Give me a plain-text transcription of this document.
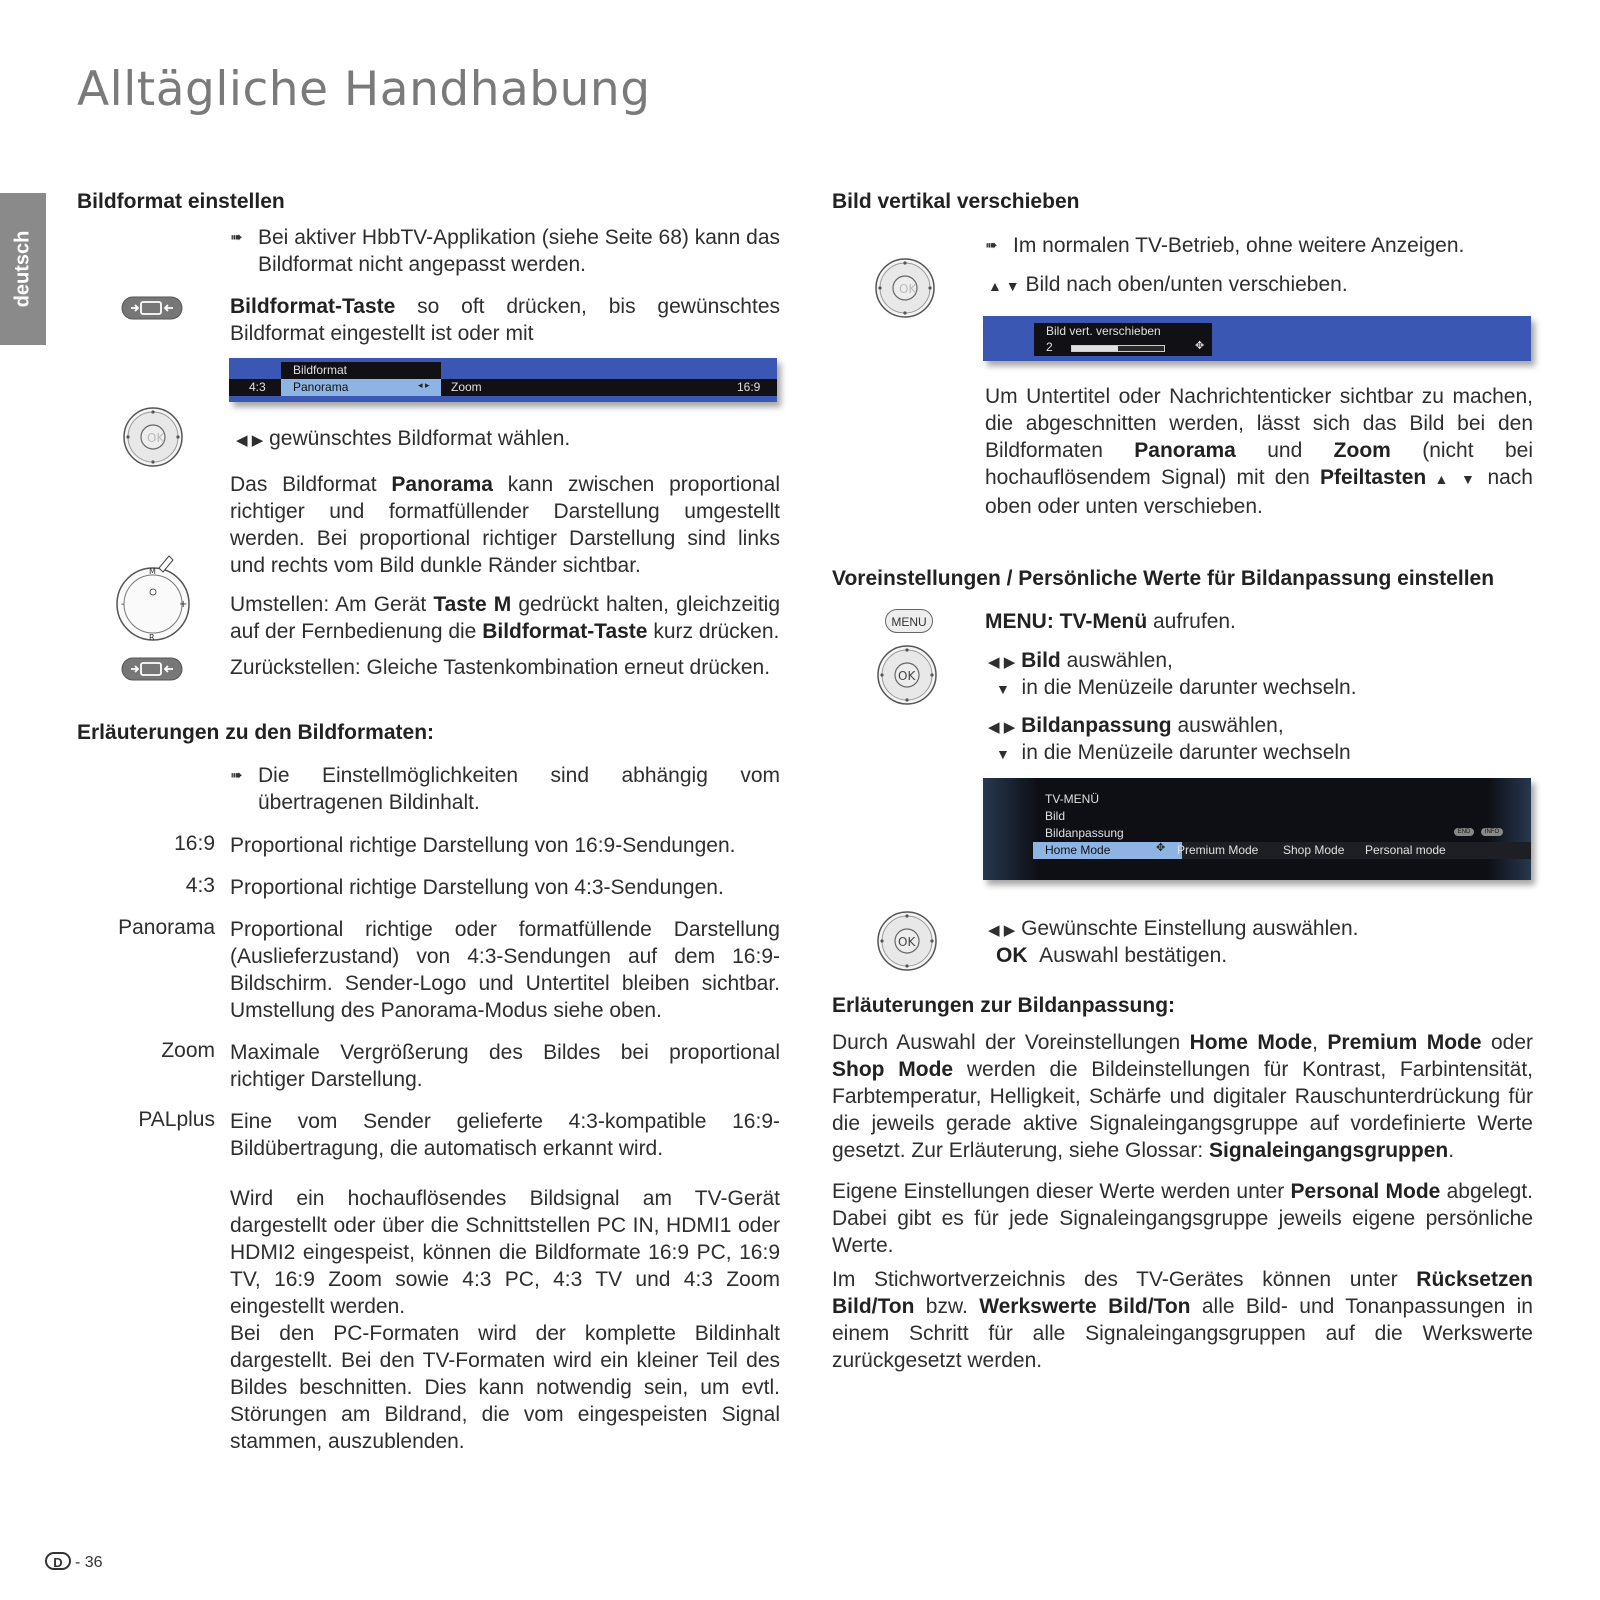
Alltägliche Handhabung
deutsch
Bildformat einstellen
➠ Bei aktiver HbbTV-Applikation (siehe Seite 68) kann das Bildformat nicht angepasst werden.
Bildformat-Taste so oft drücken, bis gewünschtes Bildformat eingestellt ist oder mit
Bildformat
4:3	Panorama	◂ ▸ Zoom	16:9
OK	◀ ▶ gewünschtes Bildformat wählen.
Das Bildformat Panorama kann zwischen proportional richtiger und formatfüllender Darstellung umgestellt werden. Bei proportional richtiger Darstellung sind links und rechts vom Bild dunkle Ränder sichtbar.
M
R
-	+ Umstellen: Am Gerät Taste M gedrückt halten, gleichzeitig auf der Fernbedienung die Bildformat-Taste kurz drücken.
Zurückstellen: Gleiche Tastenkombination erneut drücken.
Erläuterungen zu den Bildformaten:
➠ Die Einstellmöglichkeiten sind abhängig vom übertragenen Bildinhalt.
16:9 Proportional richtige Darstellung von 16:9-Sendungen.
4:3 Proportional richtige Darstellung von 4:3-Sendungen.
Panorama Proportional richtige oder formatfüllende Darstellung (Auslieferzustand) von 4:3-Sendungen auf dem 16:9-Bildschirm. Sender-Logo und Untertitel bleiben sichtbar. Umstellung des Panorama-Modus siehe oben.
Zoom Maximale Vergrößerung des Bildes bei proportional richtiger Darstellung.
PALplus Eine vom Sender gelieferte 4:3-kompatible 16:9-Bildübertragung, die automatisch erkannt wird.
Wird ein hochauflösendes Bildsignal am TV-Gerät dargestellt oder über die Schnittstellen PC IN, HDMI1 oder HDMI2 eingespeist, können die Bildformate 16:9 PC, 16:9 TV, 16:9 Zoom sowie 4:3 PC, 4:3 TV und 4:3 Zoom eingestellt werden.
Bei den PC-Formaten wird der komplette Bildinhalt dargestellt. Bei den TV-Formaten wird ein kleiner Teil des Bildes beschnitten. Dies kann notwendig sein, um evtl. Störungen am Bildrand, die vom eingespeisten Signal stammen, auszublenden.
Bild vertikal verschieben
OK
➠ Im normalen TV-Betrieb, ohne weitere Anzeigen.
▲ ▼ Bild nach oben/unten verschieben.
Bild vert. verschieben
2	✥
Um Untertitel oder Nachrichtenticker sichtbar zu machen, die abgeschnitten werden, lässt sich das Bild bei den Bildformaten Panorama und Zoom (nicht bei hochauflösendem Signal) mit den Pfeiltasten ▲ ▼ nach oben oder unten verschieben.
Voreinstellungen / Persönliche Werte für Bildanpassung einstellen
MENU	MENU: TV-Menü aufrufen.
OK
◀ ▶ Bild auswählen,
▼ in die Menüzeile darunter wechseln.
◀ ▶ Bildanpassung auswählen,
▼ in die Menüzeile darunter wechseln
TV-MENÜ
Bild
Bildanpassung	END	INFO
Home Mode	✥ Premium Mode Shop Mode Personal mode
OK
◀ ▶ Gewünschte Einstellung auswählen.
OK Auswahl bestätigen.
Erläuterungen zur Bildanpassung:
Durch Auswahl der Voreinstellungen Home Mode, Premium Mode oder Shop Mode werden die Bildeinstellungen für Kontrast, Farbintensität, Farbtemperatur, Helligkeit, Schärfe und digitaler Rauschunterdrückung für die jeweils gerade aktive Signaleingangsgruppe auf vordefinierte Werte gesetzt. Zur Erläuterung, siehe Glossar: Signaleingangsgruppen.
Eigene Einstellungen dieser Werte werden unter Personal Mode abgelegt. Dabei gibt es für jede Signaleingangsgruppe jeweils eigene persönliche Werte.
Im Stichwortverzeichnis des TV-Gerätes können unter Rücksetzen Bild/Ton bzw. Werkswerte Bild/Ton alle Bild- und Tonanpassungen in einem Schritt für alle Signaleingangsgruppen auf die Werkswerte zurückgesetzt werden.
D - 36
